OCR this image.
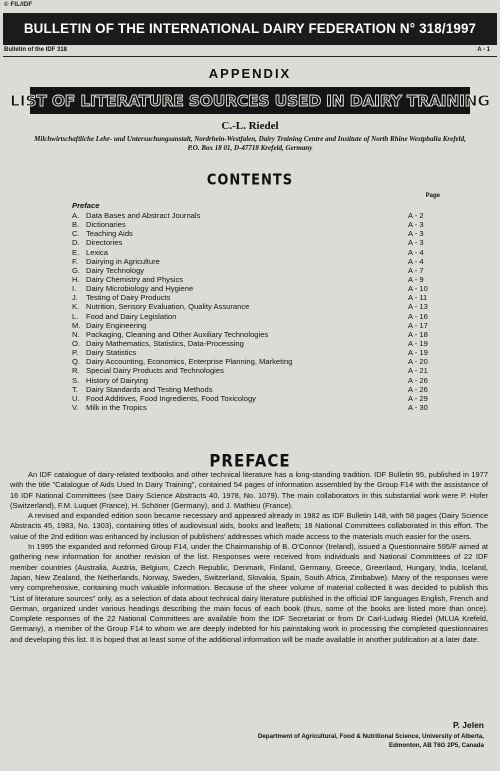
© FIL/IDF
BULLETIN OF THE INTERNATIONAL DAIRY FEDERATION N° 318/1997
Bulletin of the IDF 318	A - 1
APPENDIX
LIST OF LITERATURE SOURCES USED IN DAIRY TRAINING
C.-L. Riedel
Milchwirtschaftliche Lehr- und Untersuchungsanstalt, Nordrhein-Westfalen, Dairy Training Centre and Institute of North Rhine Westphalia Krefeld, P.O. Box 18 01, D-47718 Krefeld, Germany
CONTENTS
Page
Preface
A. Data Bases and Abstract Journals	A - 2
B. Dictionaries	A - 3
C. Teaching Aids	A - 3
D. Directories	A - 3
E. Lexica	A - 4
F.	Dairying in Agriculture	A - 4
G. Dairy Technology	A - 7
H. Dairy Chemistry and Physics	A - 9
I.	Dairy Microbiology and Hygiene	A - 10
J.	Testing of Dairy Products	A - 11
K. Nutrition, Sensory Evaluation, Quality Assurance	A - 13
L.	Food and Dairy Legislation	A - 16
M. Dairy Engineering	A - 17
N. Packaging, Cleaning and Other Auxiliary Technologies	A - 18
O. Dairy Mathematics, Statistics, Data-Processing	A - 19
P.	Dairy Statistics	A - 19
Q. Dairy Accounting, Economics, Enterprise Planning, Marketing	A - 20
R. Special Dairy Products and Technologies	A - 21
S. History of Dairying	A - 26
T.	Dairy Standards and Testing Methods	A - 26
U. Food Additives, Food Ingredients, Food Toxicology	A - 29
V. Milk in the Tropics	A - 30
PREFACE

An IDF catalogue of dairy-related textbooks and other technical literature has a long-standing tradition. IDF Bulletin 95, published in 1977 with the title "Catalogue of Aids Used In Dairy Training", contained 54 pages of information assembled by the Group F14 with the assistance of 16 IDF National Committees (see Dairy Science Abstracts 40, 1978, No. 1079). The main collaborators in this substantial work were P. Hofer (Switzerland), F.M. Luquet (France), H. Schöner (Germany), and J. Mathieu (France).

A revised and expanded edition soon became necessary and appeared already in 1982 as IDF Bulletin 148, with 58 pages (Dairy Science Abstracts 45, 1983, No. 1303), containing titles of audiovisual aids, books and leaflets; 18 National Committees collaborated in this effort. The value of the 2nd edition was enhanced by inclusion of publishers' addresses which made access to the materials much easier for the users.

In 1995 the expanded and reformed Group F14, under the Chairmanship of B. O'Connor (Ireland), issued a Questionnaire 595/F aimed at gathering new information for another revision of the list. Responses were received from individuals and National Committees of 22 IDF member countries (Australia, Austria, Belgium, Czech Republic, Denmark, Finland, Germany, Greece, Greenland, Hungary, India, Iceland, Japan, New Zealand, the Netherlands, Norway, Sweden, Switzerland, Slovakia, Spain, South Africa, Zimbabwe). Many of the responses were very comprehensive, containing much valuable information. Because of the sheer volume of material collected it was decided to publish this "List of literature sources" only, as a selection of data about technical dairy literature published in the official IDF languages English, French and German, organized under various headings describing the main focus of each book (thus, some of the books are listed more than once). Complete responses of the 22 National Committees are available from the IDF Secretariat or from Dr Carl-Ludwig Riedel (MLUA Krefeld, Germany), a member of the Group F14 to whom we are deeply indebted for his painstaking work in processing the completed questionnaires and developing this list. It is hoped that at least some of the additional information will be made available in another publication at a later date.

P. Jelen
Department of Agricultural, Food & Nutritional Science, University of Alberta,
Edmonton, AB T6G 2P5, Canada
